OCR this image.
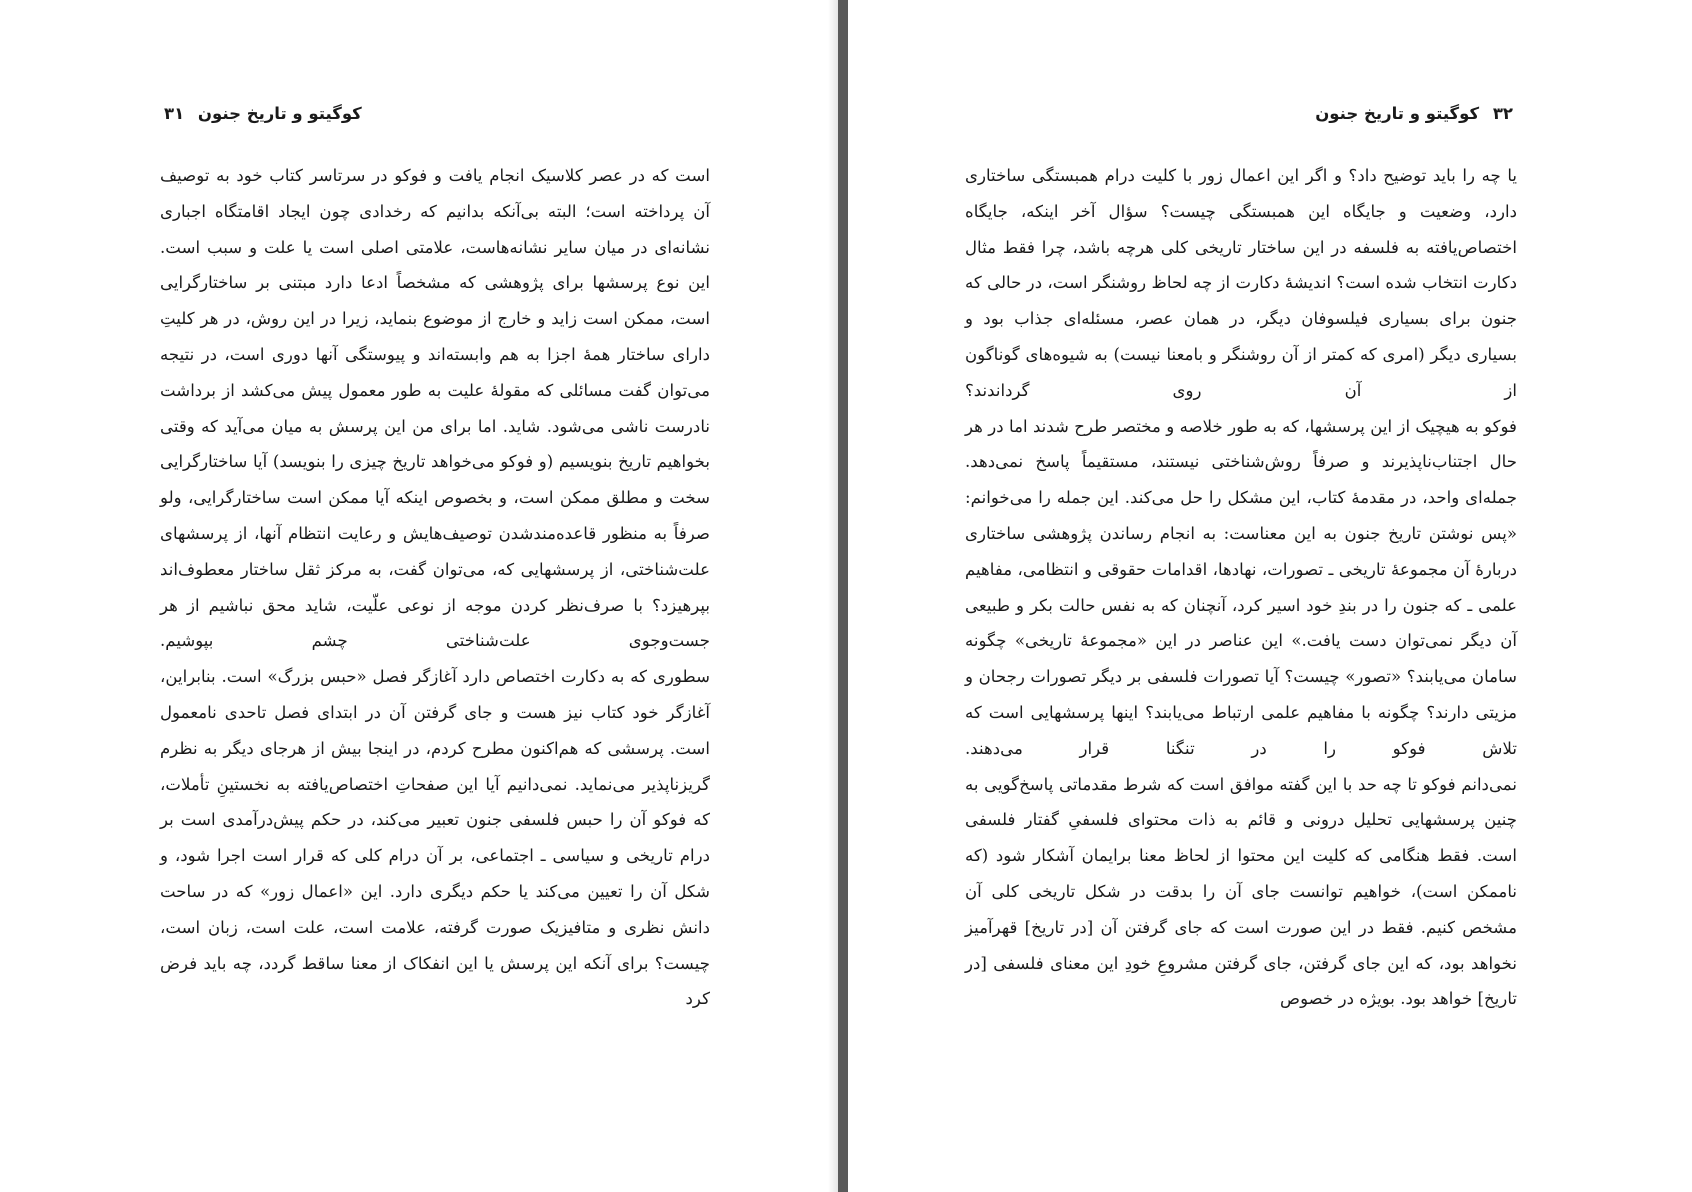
کوگیتو و تاریخ جنون ۳۱

است که در عصر کلاسیک انجام یافت و فوکو در سرتاسر کتاب خود به توصیف آن پرداخته است؛ البته بی‌آنکه بدانیم که رخدادی چون ایجاد اقامتگاه اجباری نشانه‌ای در میان سایر نشانه‌هاست، علامتی اصلی است یا علت و سبب است. این نوع پرسشها برای پژوهشی که مشخصاً ادعا دارد مبتنی بر ساختارگرایی است، ممکن است زاید و خارج از موضوع بنماید، زیرا در این روش، در هر کلیتِ دارای ساختار همهٔ اجزا به هم وابسته‌اند و پیوستگی آنها دوری است، در نتیجه می‌توان گفت مسائلی که مقولهٔ علیت به طور معمول پیش می‌کشد از برداشت نادرست ناشی می‌شود. شاید. اما برای من این پرسش به میان می‌آید که وقتی بخواهیم تاریخ بنویسیم (و فوکو می‌خواهد تاریخ چیزی را بنویسد) آیا ساختارگرایی سخت و مطلق ممکن است، و بخصوص اینکه آیا ممکن است ساختارگرایی، ولو صرفاً به منظور قاعده‌مندشدن توصیف‌هایش و رعایت انتظام آنها، از پرسشهای علت‌شناختی، از پرسشهایی که، می‌توان گفت، به مرکز ثقل ساختار معطوف‌اند بپرهیزد؟ با صرف‌نظر کردن موجه از نوعی علّیت، شاید محق نباشیم از هر جست‌وجوی علت‌شناختی چشم بپوشیم.

سطوری که به دکارت اختصاص دارد آغازگر فصل «حبس بزرگ» است. بنابراین، آغازگر خود کتاب نیز هست و جای گرفتن آن در ابتدای فصل تاحدی نامعمول است. پرسشی که هم‌اکنون مطرح کردم، در اینجا بیش از هرجای دیگر به نظرم گریزناپذیر می‌نماید. نمی‌دانیم آیا این صفحاتِ اختصاص‌یافته به نخستینِ تأملات، که فوکو آن را حبس فلسفی جنون تعبیر می‌کند، در حکم پیش‌درآمدی است بر درام تاریخی و سیاسی ـ اجتماعی، بر آن درام کلی که قرار است اجرا شود، و شکل آن را تعیین می‌کند یا حکم دیگری دارد. این «اعمال زور» که در ساحت دانش نظری و متافیزیک صورت گرفته، علامت است، علت است، زبان است، چیست؟ برای آنکه این پرسش یا این انفکاک از معنا ساقط گردد، چه باید فرض کرد

۳۲ کوگیتو و تاریخ جنون

یا چه را باید توضیح داد؟ و اگر این اعمال زور با کلیت درام همبستگی ساختاری دارد، وضعیت و جایگاه این همبستگی چیست؟ سؤال آخر اینکه، جایگاه اختصاص‌یافته به فلسفه در این ساختار تاریخی کلی هرچه باشد، چرا فقط مثال دکارت انتخاب شده است؟ اندیشهٔ دکارت از چه لحاظ روشنگر است، در حالی که جنون برای بسیاری فیلسوفان دیگر، در همان عصر، مسئله‌ای جذاب بود و بسیاری دیگر (امری که کمتر از آن روشنگر و بامعنا نیست) به شیوه‌های گوناگون از آن روی گرداندند؟

فوکو به هیچیک از این پرسشها، که به طور خلاصه و مختصر طرح شدند اما در هر حال اجتناب‌ناپذیرند و صرفاً روش‌شناختی نیستند، مستقیماً پاسخ نمی‌دهد. جمله‌ای واحد، در مقدمهٔ کتاب، این مشکل را حل می‌کند. این جمله را می‌خوانم: «پس نوشتن تاریخ جنون به این معناست: به انجام رساندن پژوهشی ساختاری دربارهٔ آن مجموعهٔ تاریخی ـ تصورات، نهادها، اقدامات حقوقی و انتظامی، مفاهیم علمی ـ که جنون را در بندِ خود اسیر کرد، آنچنان که به نفس حالت بکر و طبیعی آن دیگر نمی‌توان دست یافت.» این عناصر در این «مجموعهٔ تاریخی» چگونه سامان می‌یابند؟ «تصور» چیست؟ آیا تصورات فلسفی بر دیگر تصورات رجحان و مزیتی دارند؟ چگونه با مفاهیم علمی ارتباط می‌یابند؟ اینها پرسشهایی است که تلاش فوکو را در تنگنا قرار می‌دهند.

نمی‌دانم فوکو تا چه حد با این گفته موافق است که شرط مقدماتی پاسخ‌گویی به چنین پرسشهایی تحلیل درونی و قائم به ذات محتوای فلسفیِ گفتار فلسفی است. فقط هنگامی که کلیت این محتوا از لحاظ معنا برایمان آشکار شود (که ناممکن است)، خواهیم توانست جای آن را بدقت در شکل تاریخی کلی آن مشخص کنیم. فقط در این صورت است که جای گرفتن آن [در تاریخ] قهرآمیز نخواهد بود، که این جای گرفتن، جای گرفتن مشروعِ خودِ این معنای فلسفی [در تاریخ] خواهد بود. بویژه در خصوص
